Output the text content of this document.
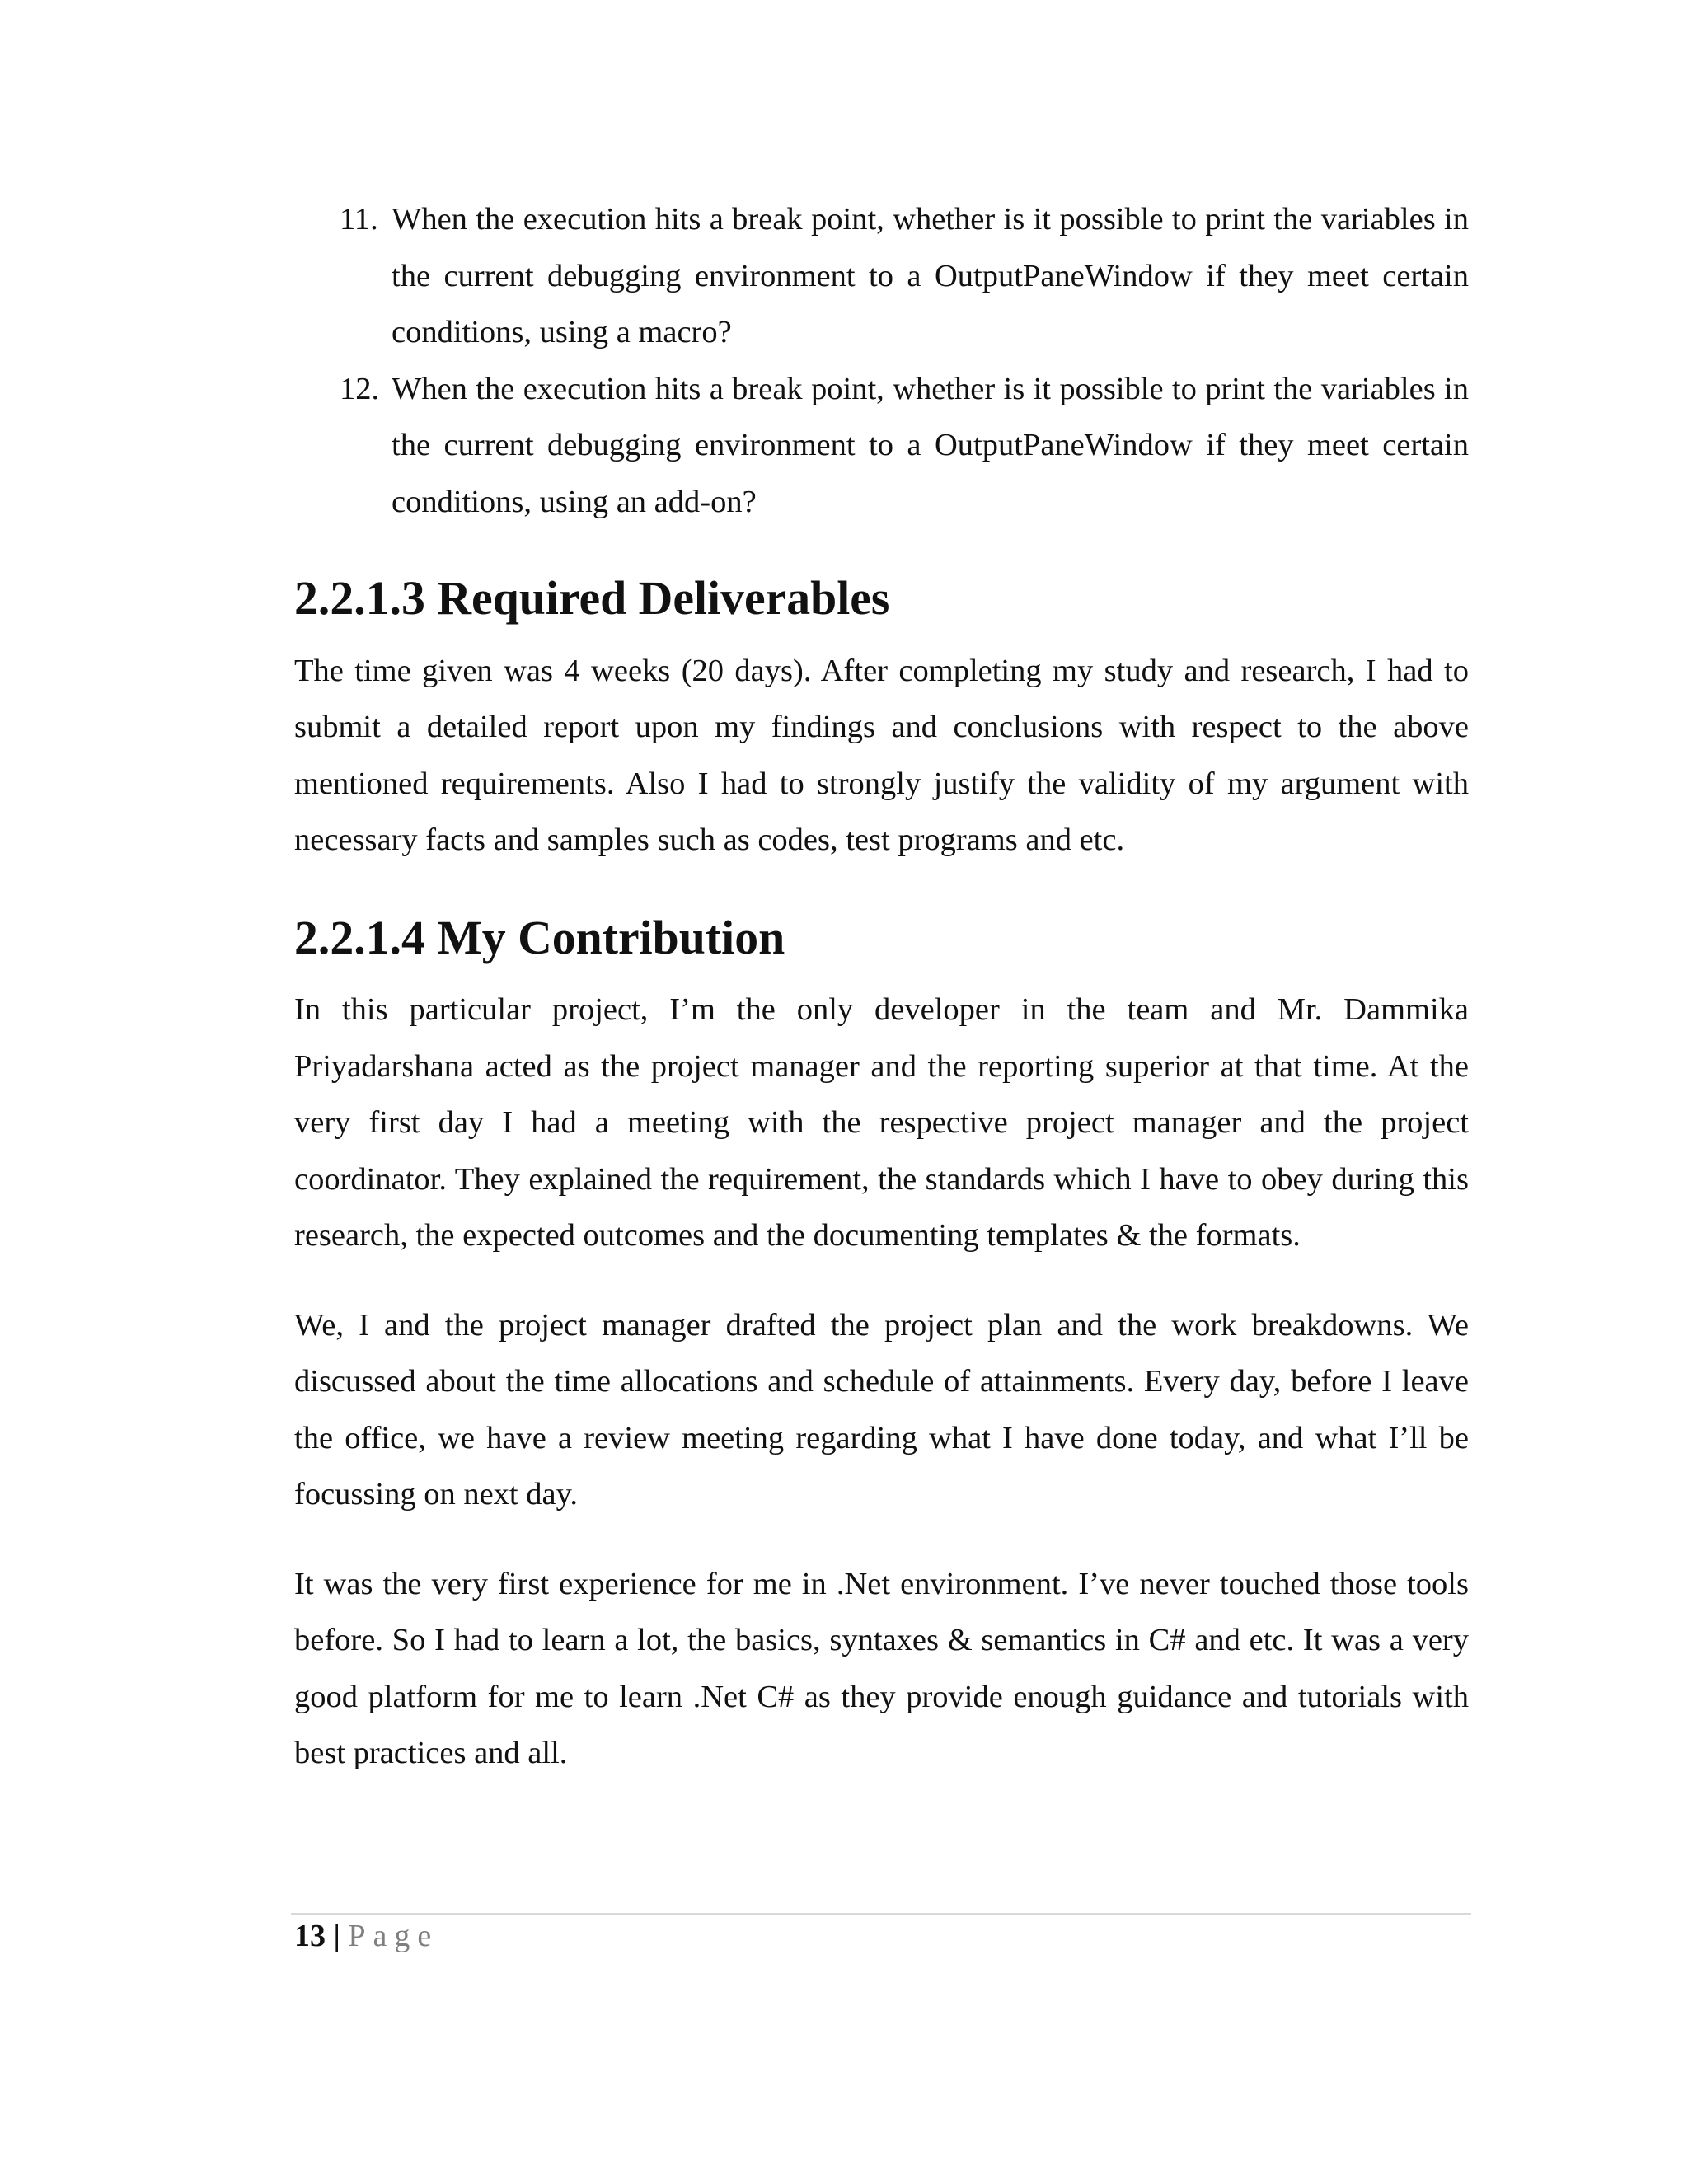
11. When the execution hits a break point, whether is it possible to print the variables in the current debugging environment to a OutputPaneWindow if they meet certain conditions, using a macro?
12. When the execution hits a break point, whether is it possible to print the variables in the current debugging environment to a OutputPaneWindow if they meet certain conditions, using an add-on?
2.2.1.3 Required Deliverables

The time given was 4 weeks (20 days). After completing my study and research, I had to submit a detailed report upon my findings and conclusions with respect to the above mentioned requirements. Also I had to strongly justify the validity of my argument with necessary facts and samples such as codes, test programs and etc.

2.2.1.4 My Contribution

In this particular project, I’m the only developer in the team and Mr. Dammika Priyadarshana acted as the project manager and the reporting superior at that time. At the very first day I had a meeting with the respective project manager and the project coordinator. They explained the requirement, the standards which I have to obey during this research, the expected outcomes and the documenting templates & the formats.

We, I and the project manager drafted the project plan and the work breakdowns. We discussed about the time allocations and schedule of attainments. Every day, before I leave the office, we have a review meeting regarding what I have done today, and what I’ll be focussing on next day.

It was the very first experience for me in .Net environment. I’ve never touched those tools before. So I had to learn a lot, the basics, syntaxes & semantics in C# and etc. It was a very good platform for me to learn .Net C# as they provide enough guidance and tutorials with best practices and all.

13 | Page
